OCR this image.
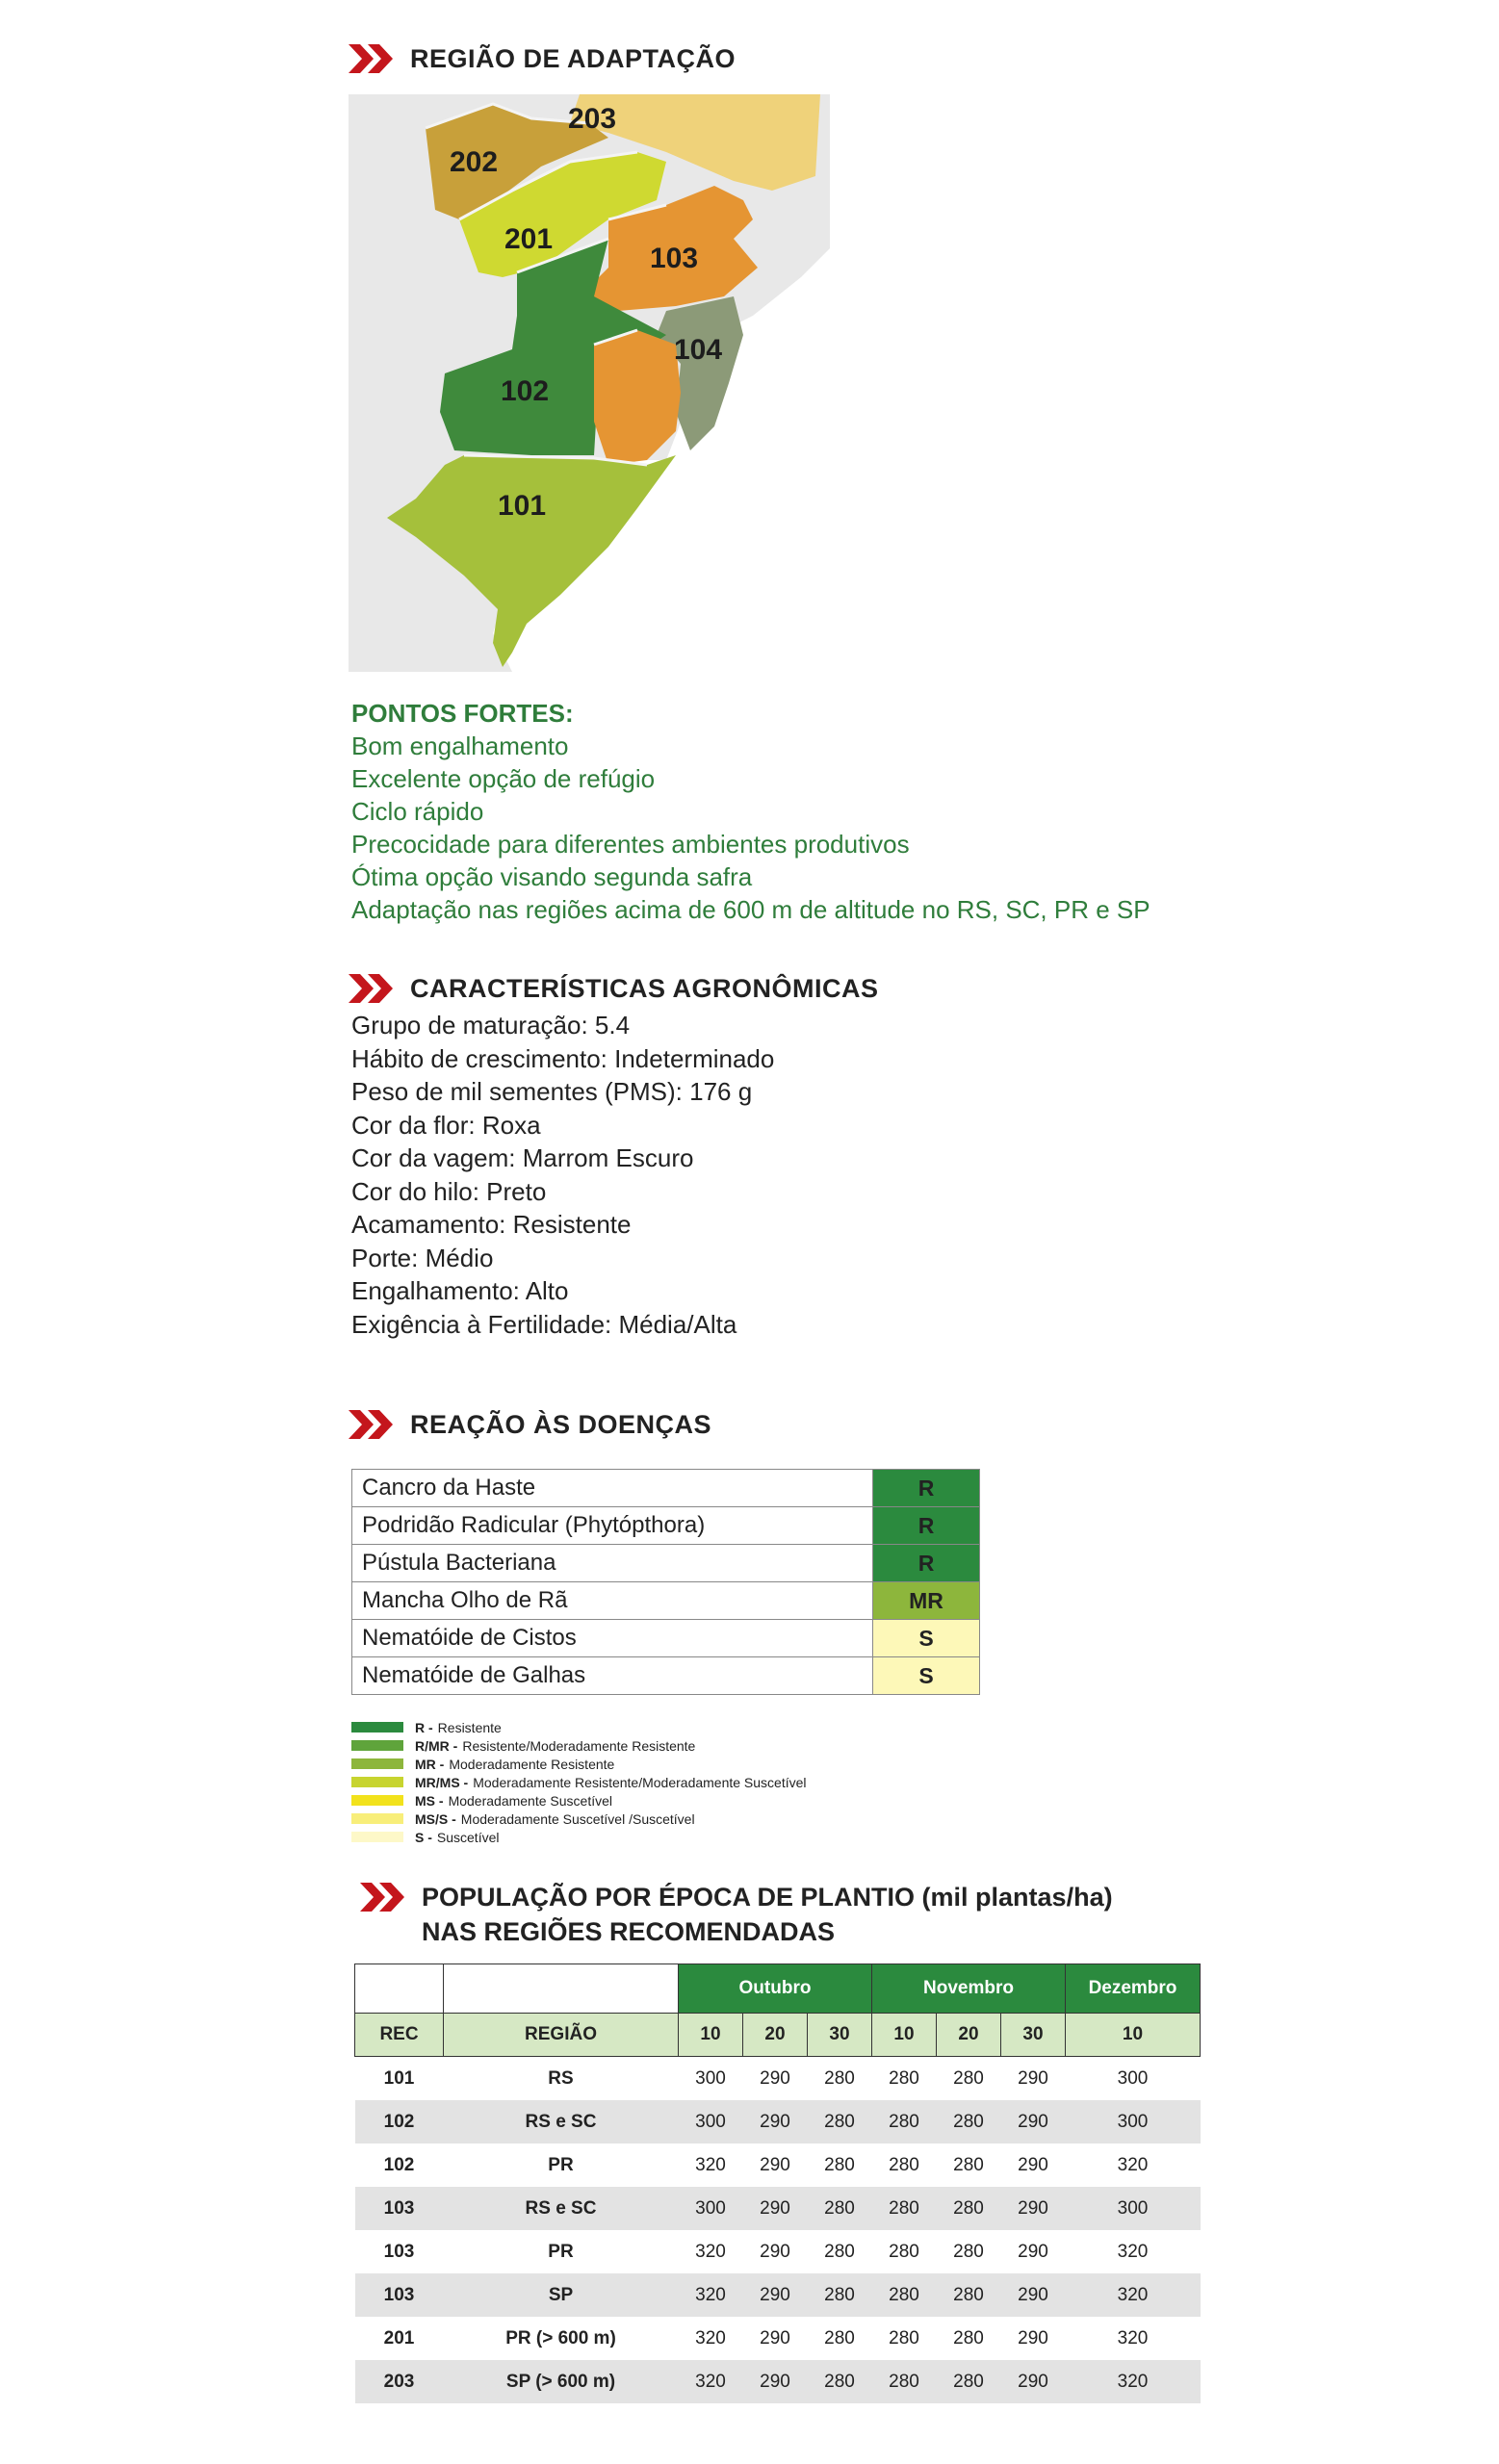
REGIÃO DE ADAPTAÇÃO
203
202
201
103
104
102
101
PONTOS FORTES:
Bom engalhamento
Excelente opção de refúgio
Ciclo rápido
Precocidade para diferentes ambientes produtivos
Ótima opção visando segunda safra
Adaptação nas regiões acima de 600 m de altitude no RS, SC, PR e SP
CARACTERÍSTICAS AGRONÔMICAS
Grupo de maturação: 5.4
Hábito de crescimento: Indeterminado
Peso de mil sementes (PMS): 176 g
Cor da flor: Roxa
Cor da vagem: Marrom Escuro
Cor do hilo: Preto
Acamamento: Resistente
Porte: Médio
Engalhamento: Alto
Exigência à Fertilidade: Média/Alta
REAÇÃO ÀS DOENÇAS
Cancro da Haste	R
Podridão Radicular (Phytópthora)	R
Pústula Bacteriana	R
Mancha Olho de Rã	MR
Nematóide de Cistos	S
Nematóide de Galhas	S
R - Resistente
R/MR - Resistente/Moderadamente Resistente
MR - Moderadamente Resistente
MR/MS - Moderadamente Resistente/Moderadamente Suscetível
MS - Moderadamente Suscetível
MS/S - Moderadamente Suscetível /Suscetível
S - Suscetível
POPULAÇÃO POR ÉPOCA DE PLANTIO (mil plantas/ha)
NAS REGIÕES RECOMENDADAS
		Outubro			Novembro			Dezembro
REC	REGIÃO	10	20	30	10	20	30	10
101	RS	300	290	280	280	280	290	300
102	RS e SC	300	290	280	280	280	290	300
102	PR	320	290	280	280	280	290	320
103	RS e SC	300	290	280	280	280	290	300
103	PR	320	290	280	280	280	290	320
103	SP	320	290	280	280	280	290	320
201	PR (> 600 m)	320	290	280	280	280	290	320
203	SP (> 600 m)	320	290	280	280	280	290	320
